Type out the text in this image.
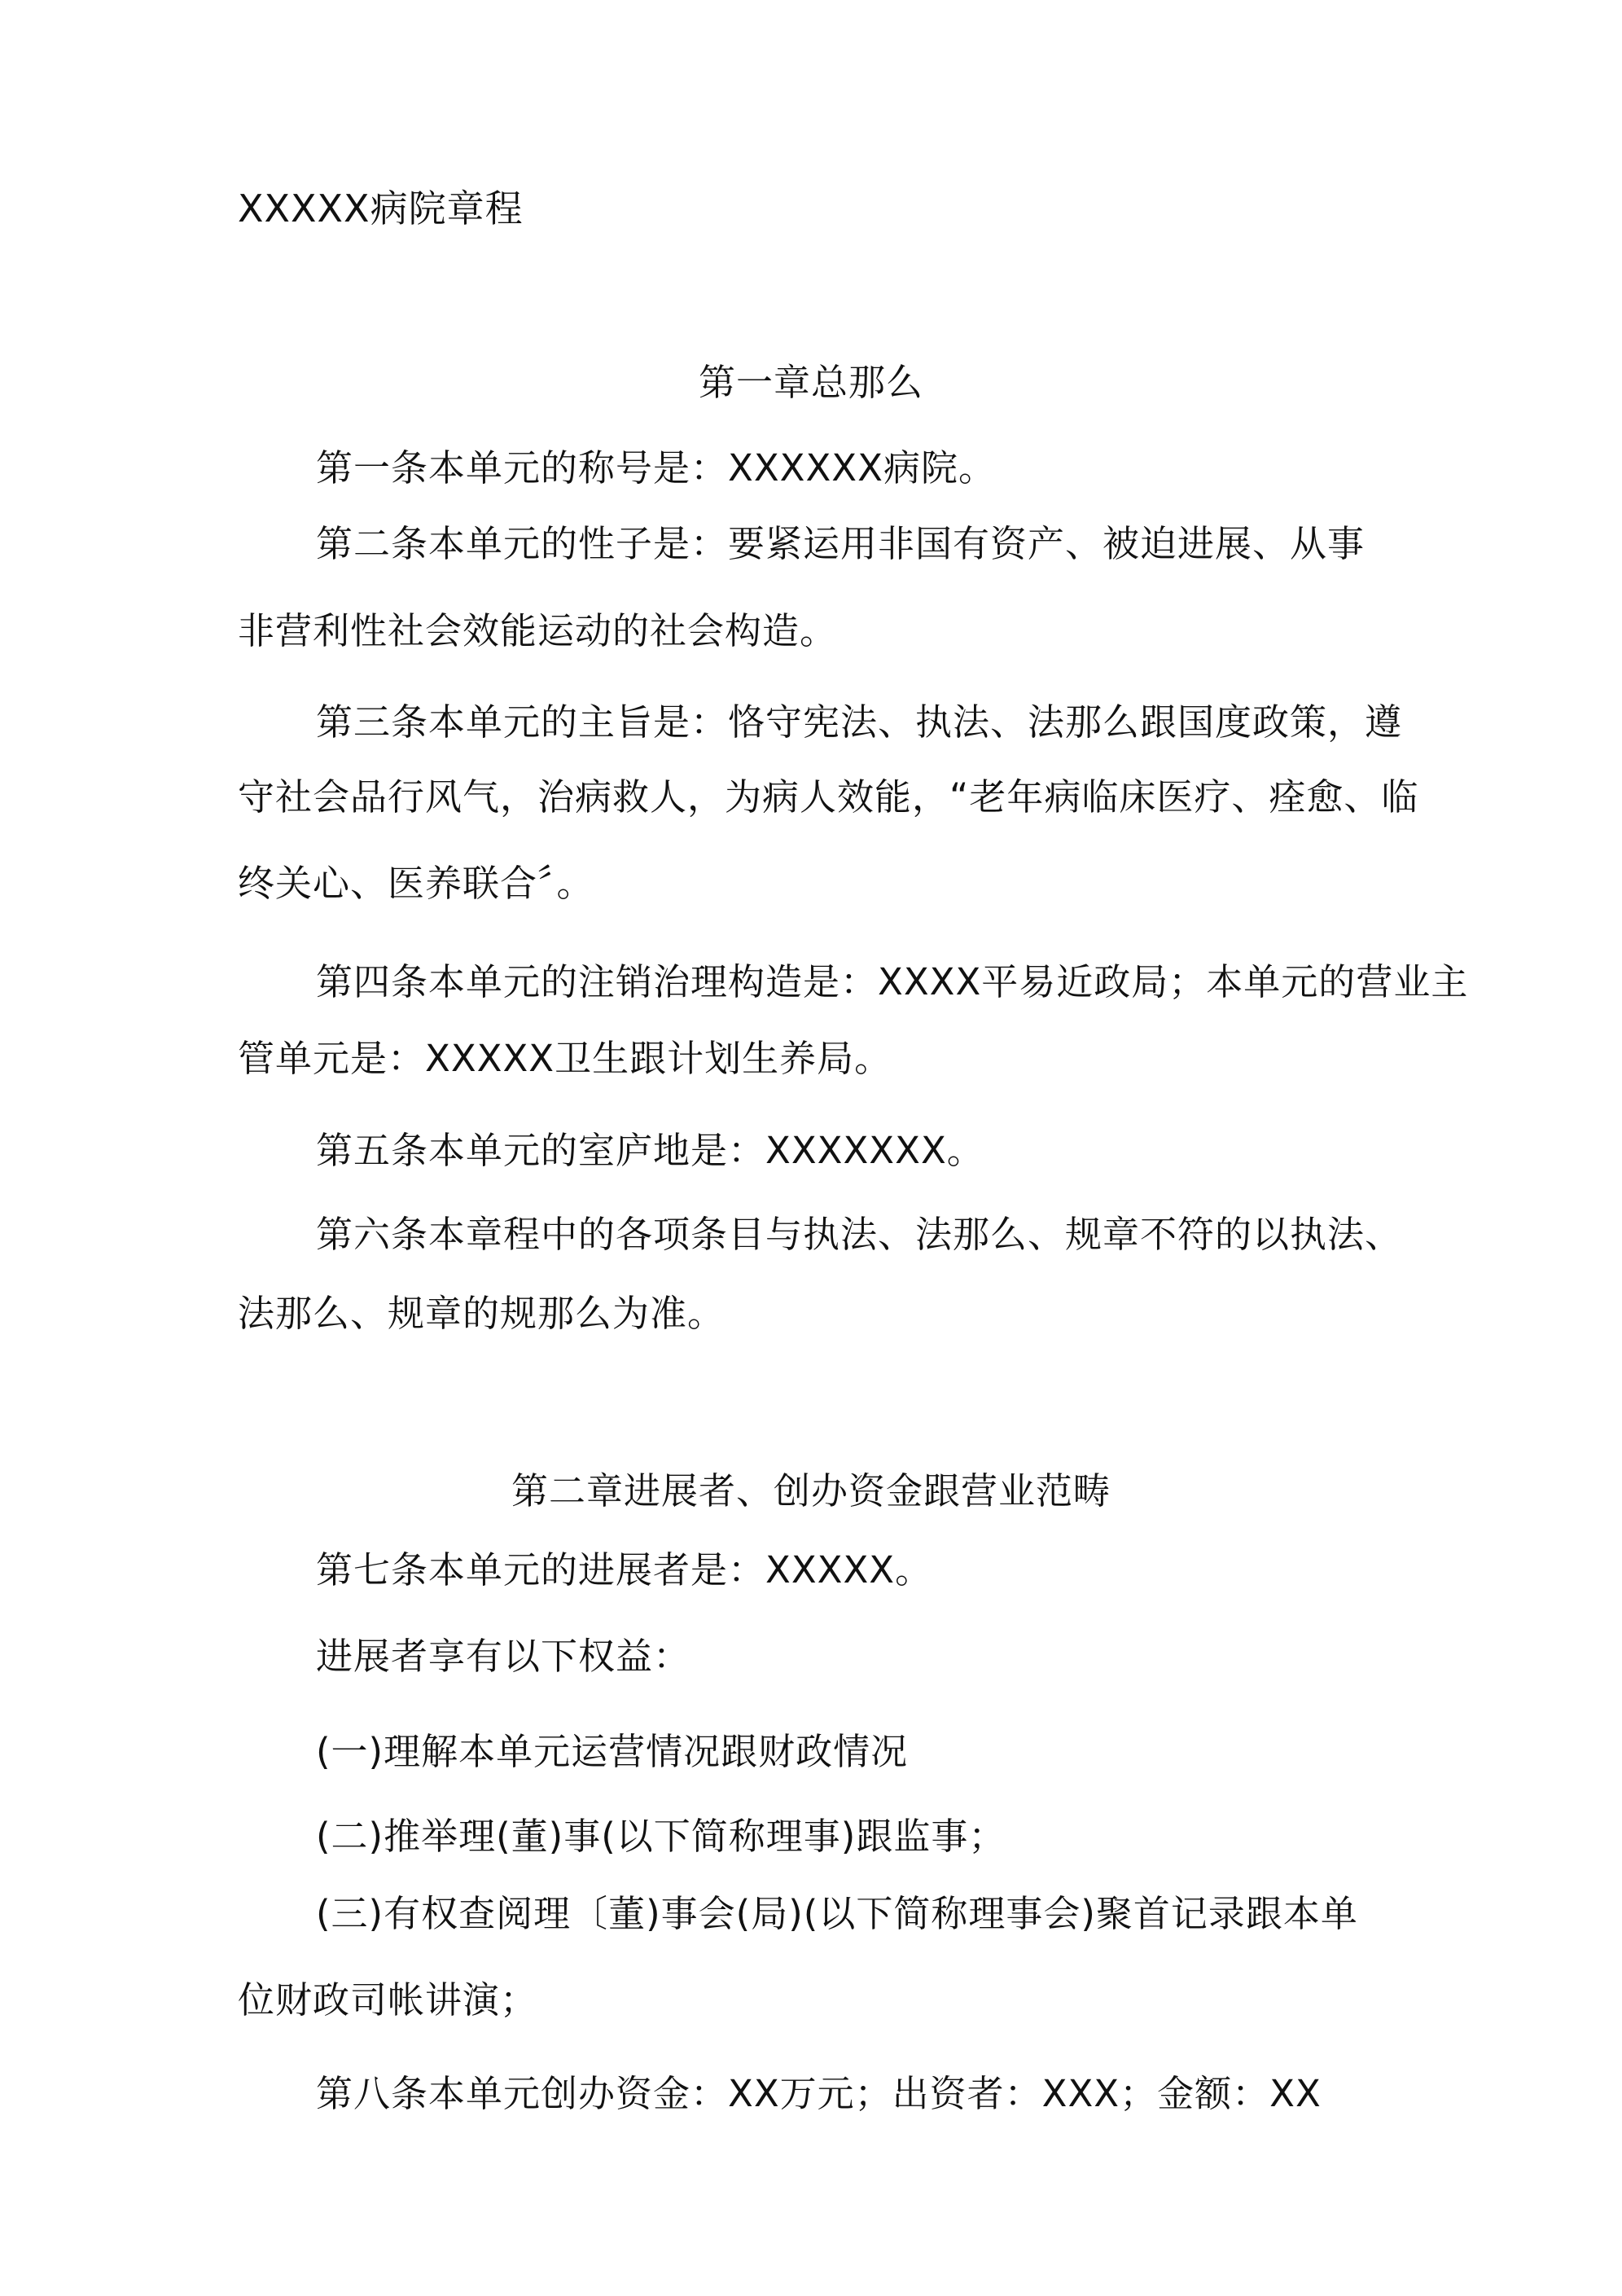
XXXXX病院章程
第一章总那么
第一条本单元的称号是：XXXXXX病院。
第二条本单元的性子是：要紧运用非国有资产、被迫进展、从事
非营利性社会效能运动的社会构造。
第三条本单元的主旨是：恪守宪法、执法、法那么跟国度政策，遵
守社会品行风气，治病救人，为病人效能，“老年病临床医疗、痊愈、临
终关心、医养联合〞。
第四条本单元的注销治理构造是：XXXX平易近政局；本单元的营业主
管单元是：XXXXX卫生跟计划生养局。
第五条本单元的室庐地是：XXXXXXX。
第六条本章程中的各项条目与执法、法那么、规章不符的以执法、
法那么、规章的规那么为准。
第二章进展者、创办资金跟营业范畴
第七条本单元的进展者是：XXXXX。
进展者享有以下权益：
(一)理解本单元运营情况跟财政情况
(二)推举理(董)事(以下简称理事)跟监事；
(三)有权查阅理〔董)事会(局)(以下简称理事会)聚首记录跟本单
位财政司帐讲演；
第八条本单元创办资金：XX万元；出资者：XXX；金额：XX
